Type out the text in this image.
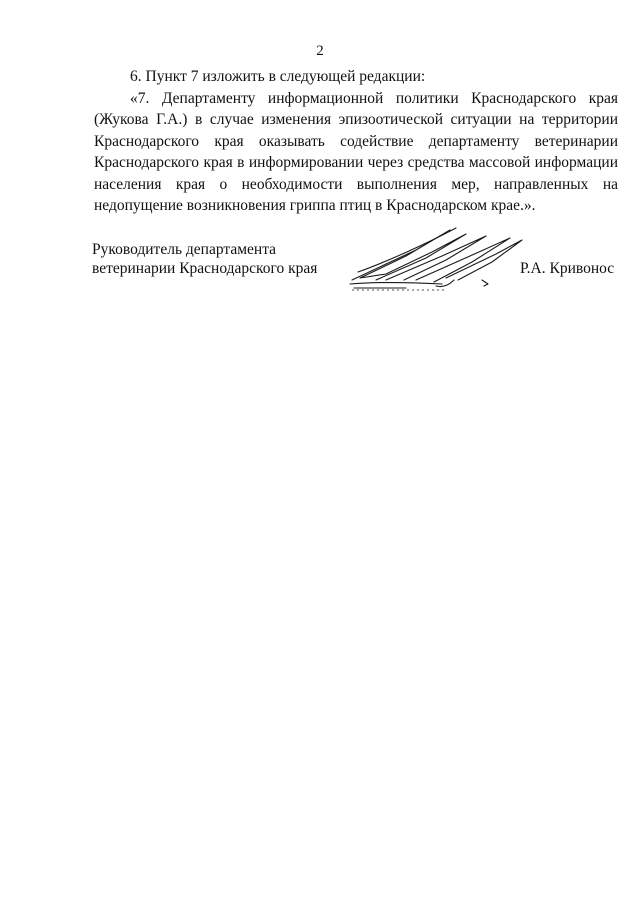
2

6. Пункт 7 изложить в следующей редакции:

«7. Департаменту информационной политики Краснодарского края (Жукова Г.А.) в случае изменения эпизоотической ситуации на территории Краснодарского края оказывать содействие департаменту ветеринарии Краснодарского края в информировании через средства массовой информации населения края о необходимости выполнения мер, направленных на недопущение возникновения гриппа птиц в Краснодарском крае.».

Руководитель департамента
ветеринарии Краснодарского края	Р.А. Кривонос
